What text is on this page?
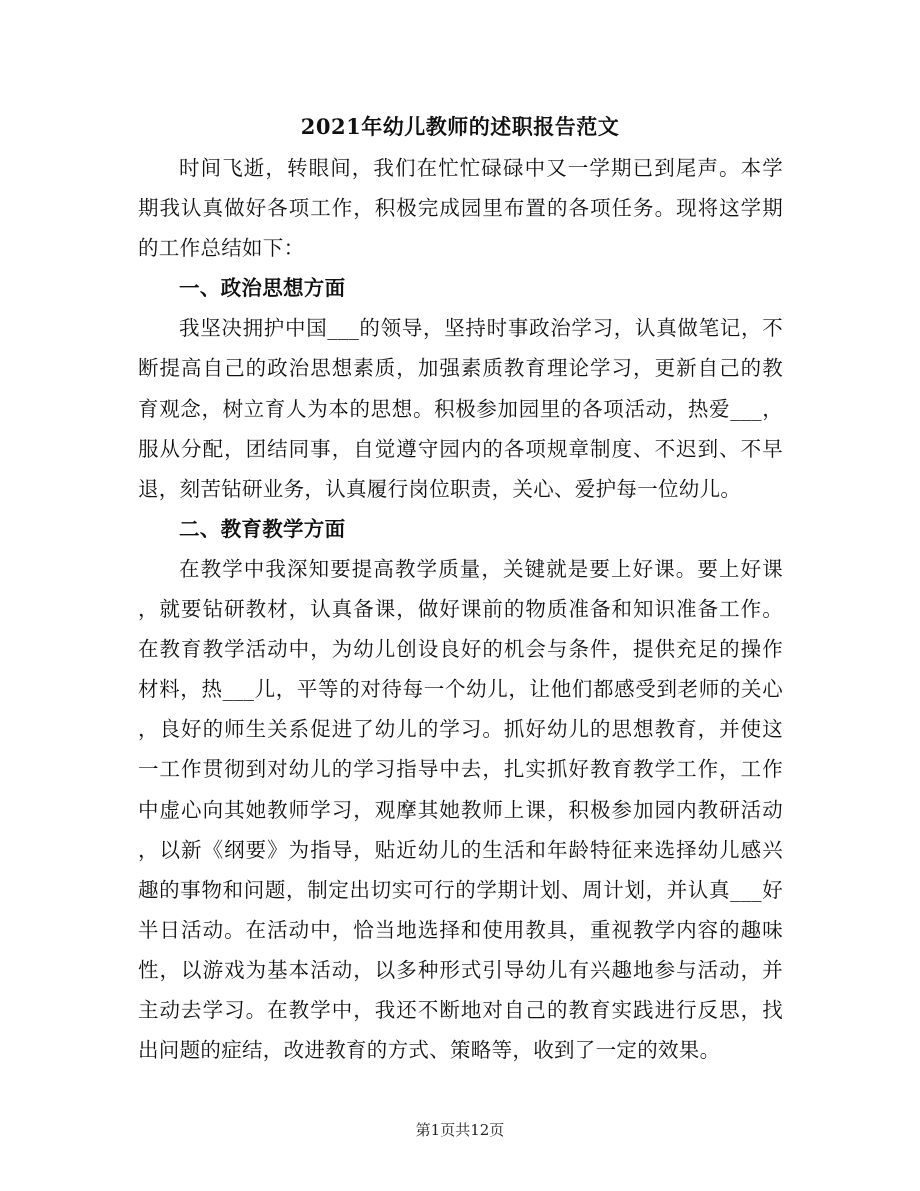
2021年幼儿教师的述职报告范文
时间飞逝，转眼间，我们在忙忙碌碌中又一学期已到尾声。本学
期我认真做好各项工作，积极完成园里布置的各项任务。现将这学期
的工作总结如下：
一、政治思想方面
我坚决拥护中国___的领导，坚持时事政治学习，认真做笔记，不
断提高自己的政治思想素质，加强素质教育理论学习，更新自己的教
育观念，树立育人为本的思想。积极参加园里的各项活动，热爱___，
服从分配，团结同事，自觉遵守园内的各项规章制度、不迟到、不早
退，刻苦钻研业务，认真履行岗位职责，关心、爱护每一位幼儿。
二、教育教学方面
在教学中我深知要提高教学质量，关键就是要上好课。要上好课
，就要钻研教材，认真备课，做好课前的物质准备和知识准备工作。
在教育教学活动中，为幼儿创设良好的机会与条件，提供充足的操作
材料，热___儿，平等的对待每一个幼儿，让他们都感受到老师的关心
，良好的师生关系促进了幼儿的学习。抓好幼儿的思想教育，并使这
一工作贯彻到对幼儿的学习指导中去，扎实抓好教育教学工作，工作
中虚心向其她教师学习，观摩其她教师上课，积极参加园内教研活动
，以新《纲要》为指导，贴近幼儿的生活和年龄特征来选择幼儿感兴
趣的事物和问题，制定出切实可行的学期计划、周计划，并认真___好
半日活动。在活动中，恰当地选择和使用教具，重视教学内容的趣味
性，以游戏为基本活动，以多种形式引导幼儿有兴趣地参与活动，并
主动去学习。在教学中，我还不断地对自己的教育实践进行反思，找
出问题的症结，改进教育的方式、策略等，收到了一定的效果。
第1页共12页
